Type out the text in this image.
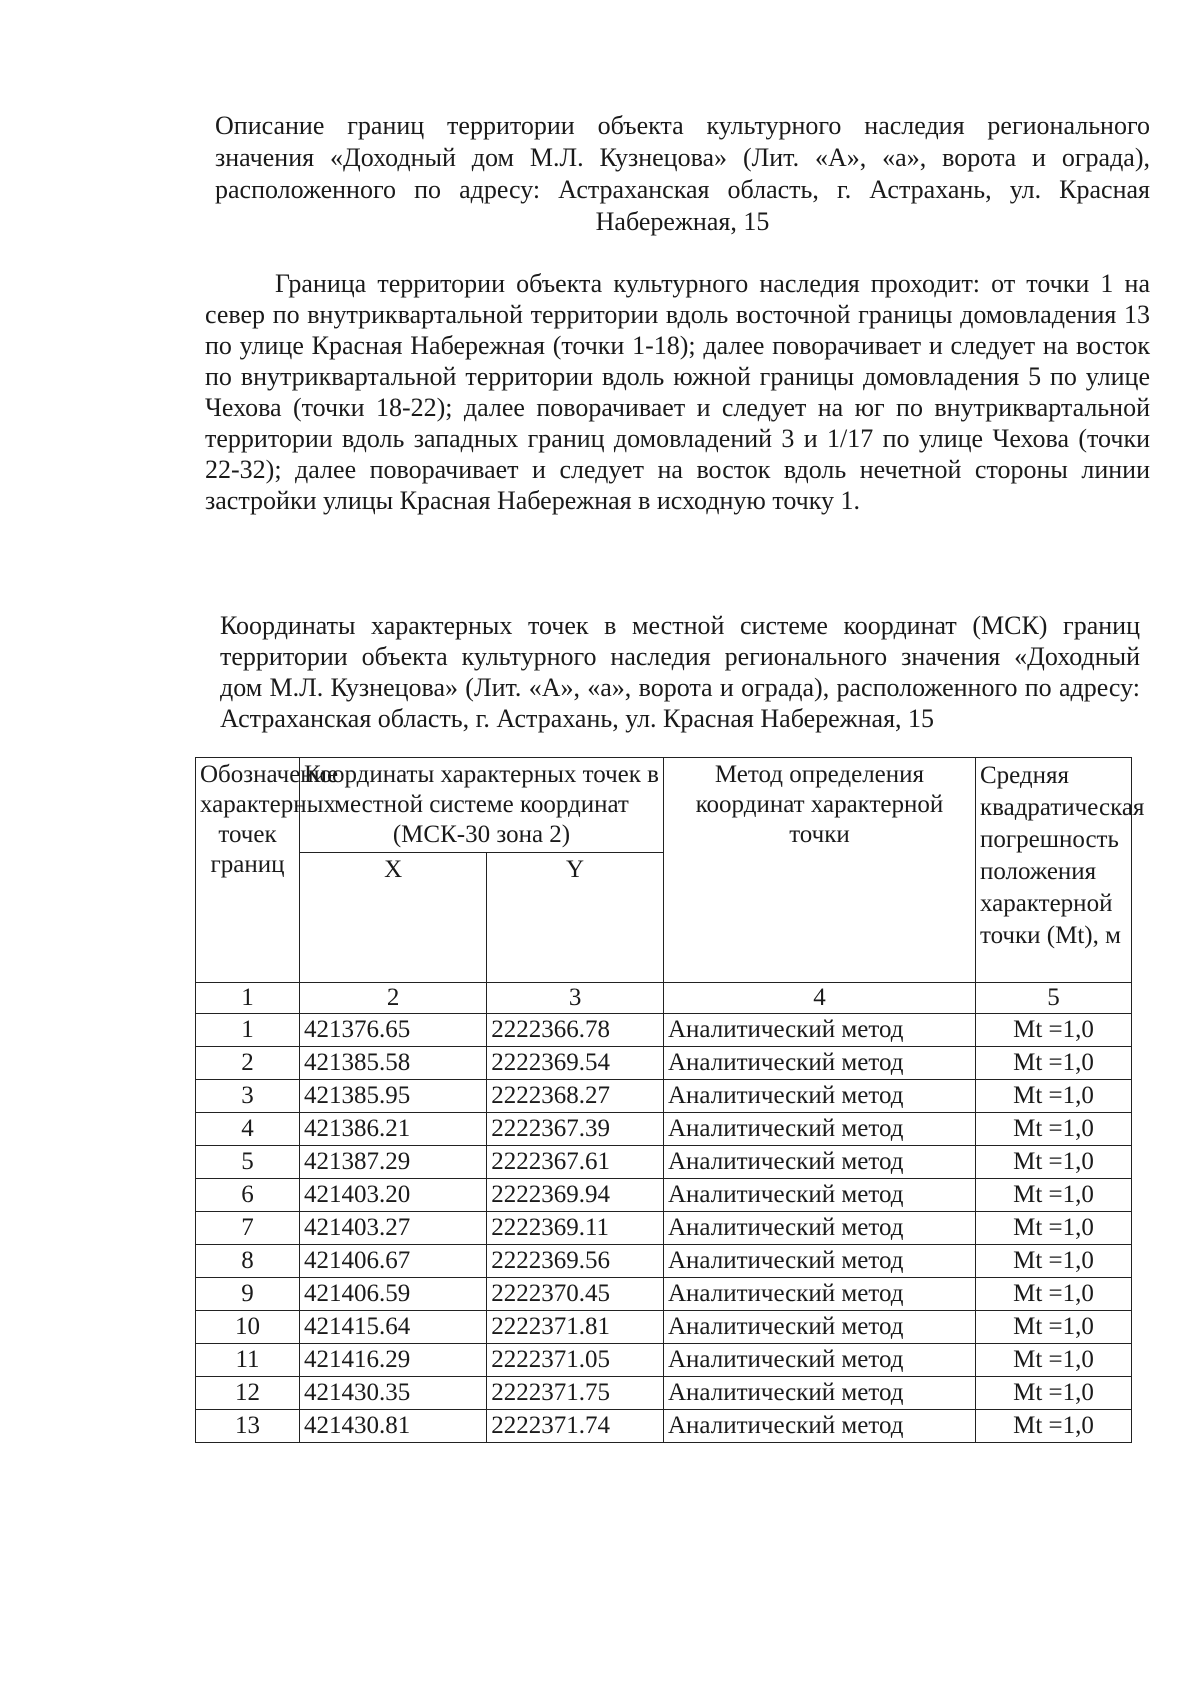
Описание границ территории объекта культурного наследия регионального значения «Доходный дом М.Л. Кузнецова» (Лит. «А», «а», ворота и ограда), расположенного по адресу: Астраханская область, г. Астрахань, ул. Красная Набережная, 15
Граница территории объекта культурного наследия проходит: от точки 1 на север по внутриквартальной территории вдоль восточной границы домовладения 13 по улице Красная Набережная (точки 1-18); далее поворачивает и следует на восток по внутриквартальной территории вдоль южной границы домовладения 5 по улице Чехова (точки 18-22); далее поворачивает и следует на юг по внутриквартальной территории вдоль западных границ домовладений 3 и 1/17 по улице Чехова (точки 22-32); далее поворачивает и следует на восток вдоль нечетной стороны линии застройки улицы Красная Набережная в исходную точку 1.
Координаты характерных точек в местной системе координат (МСК) границ территории объекта культурного наследия регионального значения «Доходный дом М.Л. Кузнецова» (Лит. «А», «а», ворота и ограда), расположенного по адресу: Астраханская область, г. Астрахань, ул. Красная Набережная, 15
Обозначение характерных точек границ	Координаты характерных точек в местной системе координат (МСК-30 зона 2)		Метод определения координат характерной точки	Средняя квадратическая погрешность положения характерной точки (Mt), м
	X	Y		
1	2	3	4	5
1	421376.65	2222366.78	Аналитический метод	Mt =1,0
2	421385.58	2222369.54	Аналитический метод	Mt =1,0
3	421385.95	2222368.27	Аналитический метод	Mt =1,0
4	421386.21	2222367.39	Аналитический метод	Mt =1,0
5	421387.29	2222367.61	Аналитический метод	Mt =1,0
6	421403.20	2222369.94	Аналитический метод	Mt =1,0
7	421403.27	2222369.11	Аналитический метод	Mt =1,0
8	421406.67	2222369.56	Аналитический метод	Mt =1,0
9	421406.59	2222370.45	Аналитический метод	Mt =1,0
10	421415.64	2222371.81	Аналитический метод	Mt =1,0
11	421416.29	2222371.05	Аналитический метод	Mt =1,0
12	421430.35	2222371.75	Аналитический метод	Mt =1,0
13	421430.81	2222371.74	Аналитический метод	Mt =1,0
